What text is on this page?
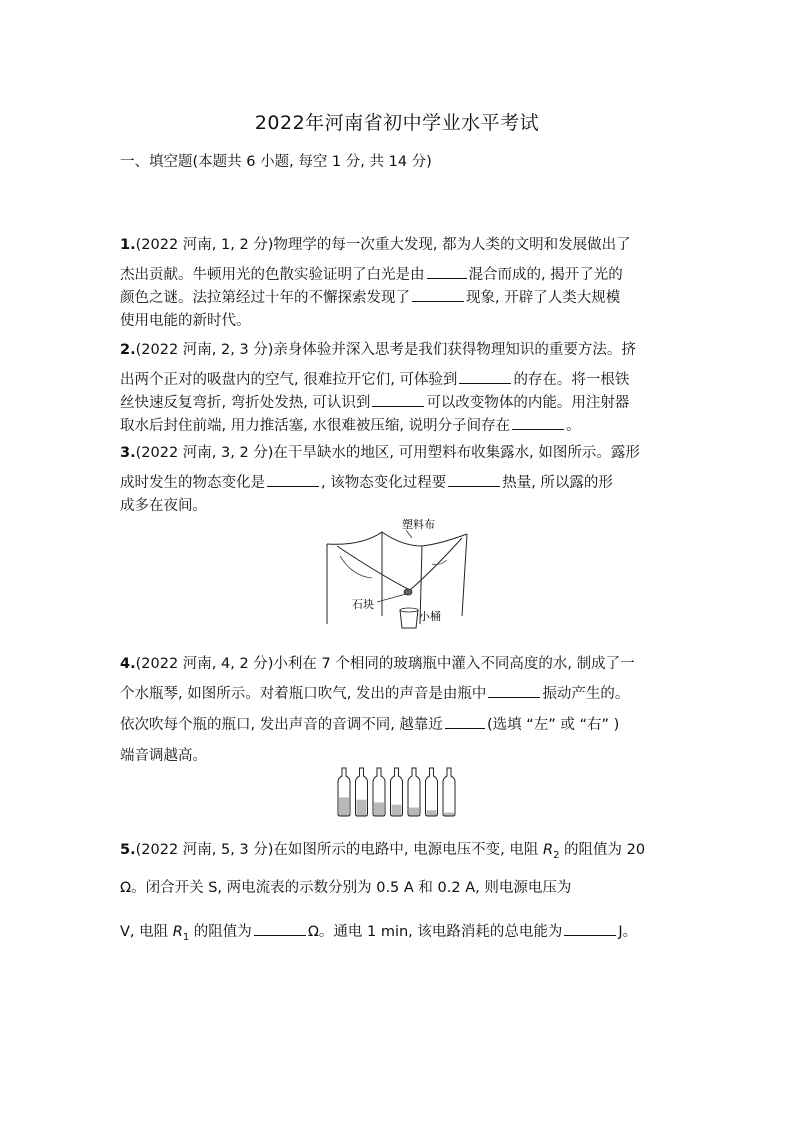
2022年河南省初中学业水平考试
一、填空题(本题共 6 小题, 每空 1 分, 共 14 分)
1.(2022 河南, 1, 2 分)物理学的每一次重大发现, 都为人类的文明和发展做出了
杰出贡献。牛顿用光的色散实验证明了白光是由	混合而成的, 揭开了光的
颜色之谜。法拉第经过十年的不懈探索发现了	现象, 开辟了人类大规模
使用电能的新时代。
2.(2022 河南, 2, 3 分)亲身体验并深入思考是我们获得物理知识的重要方法。挤
出两个正对的吸盘内的空气, 很难拉开它们, 可体验到	的存在。将一根铁
丝快速反复弯折, 弯折处发热, 可认识到	可以改变物体的内能。用注射器
取水后封住前端, 用力推活塞, 水很难被压缩, 说明分子间存在	。
3.(2022 河南, 3, 2 分)在干旱缺水的地区, 可用塑料布收集露水, 如图所示。露形
成时发生的物态变化是	, 该物态变化过程要	热量, 所以露的形
成多在夜间。
塑料布
石块
小桶
4.(2022 河南, 4, 2 分)小利在 7 个相同的玻璃瓶中灌入不同高度的水, 制成了一
个水瓶琴, 如图所示。对着瓶口吹气, 发出的声音是由瓶中	振动产生的。
依次吹每个瓶的瓶口, 发出声音的音调不同, 越靠近	(选填 “左” 或 “右” )
端音调越高。
5.(2022 河南, 5, 3 分)在如图所示的电路中, 电源电压不变, 电阻 $R_2$ 的阻值为 20
Ω。闭合开关 S, 两电流表的示数分别为 0.5 A 和 0.2 A, 则电源电压为
V, 电阻 $R_1$ 的阻值为	Ω。通电 1 min, 该电路消耗的总电能为	J。
